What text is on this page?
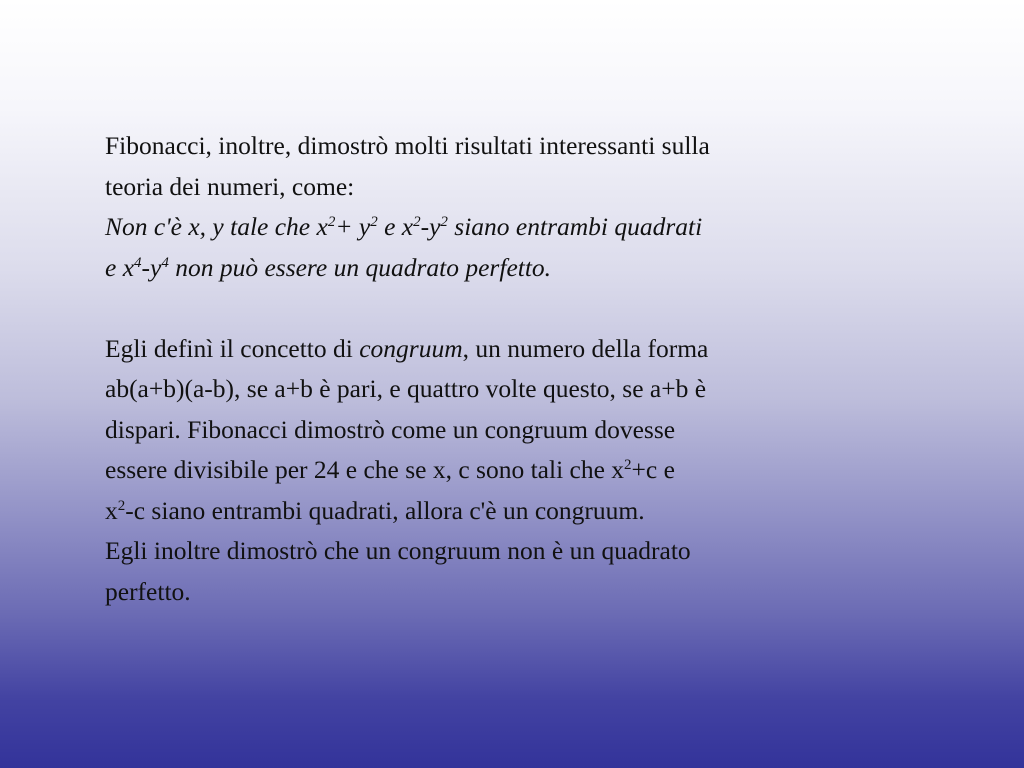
Fibonacci, inoltre, dimostrò molti risultati interessanti sulla

teoria dei numeri, come:

Non c'è x, y tale che $x^2+ y^2$ e $x^2-y^2$ siano entrambi quadrati

e $x^4-y^4$ non può essere un quadrato perfetto.

Egli definì il concetto di congruum, un numero della forma

ab(a+b)(a-b), se a+b è pari, e quattro volte questo, se a+b è

dispari. Fibonacci dimostrò come un congruum dovesse

essere divisibile per 24 e che se x, c sono tali che $x^2+c$ e

$x^2-c$ siano entrambi quadrati, allora c'è un congruum.

Egli inoltre dimostrò che un congruum non è un quadrato

perfetto.
